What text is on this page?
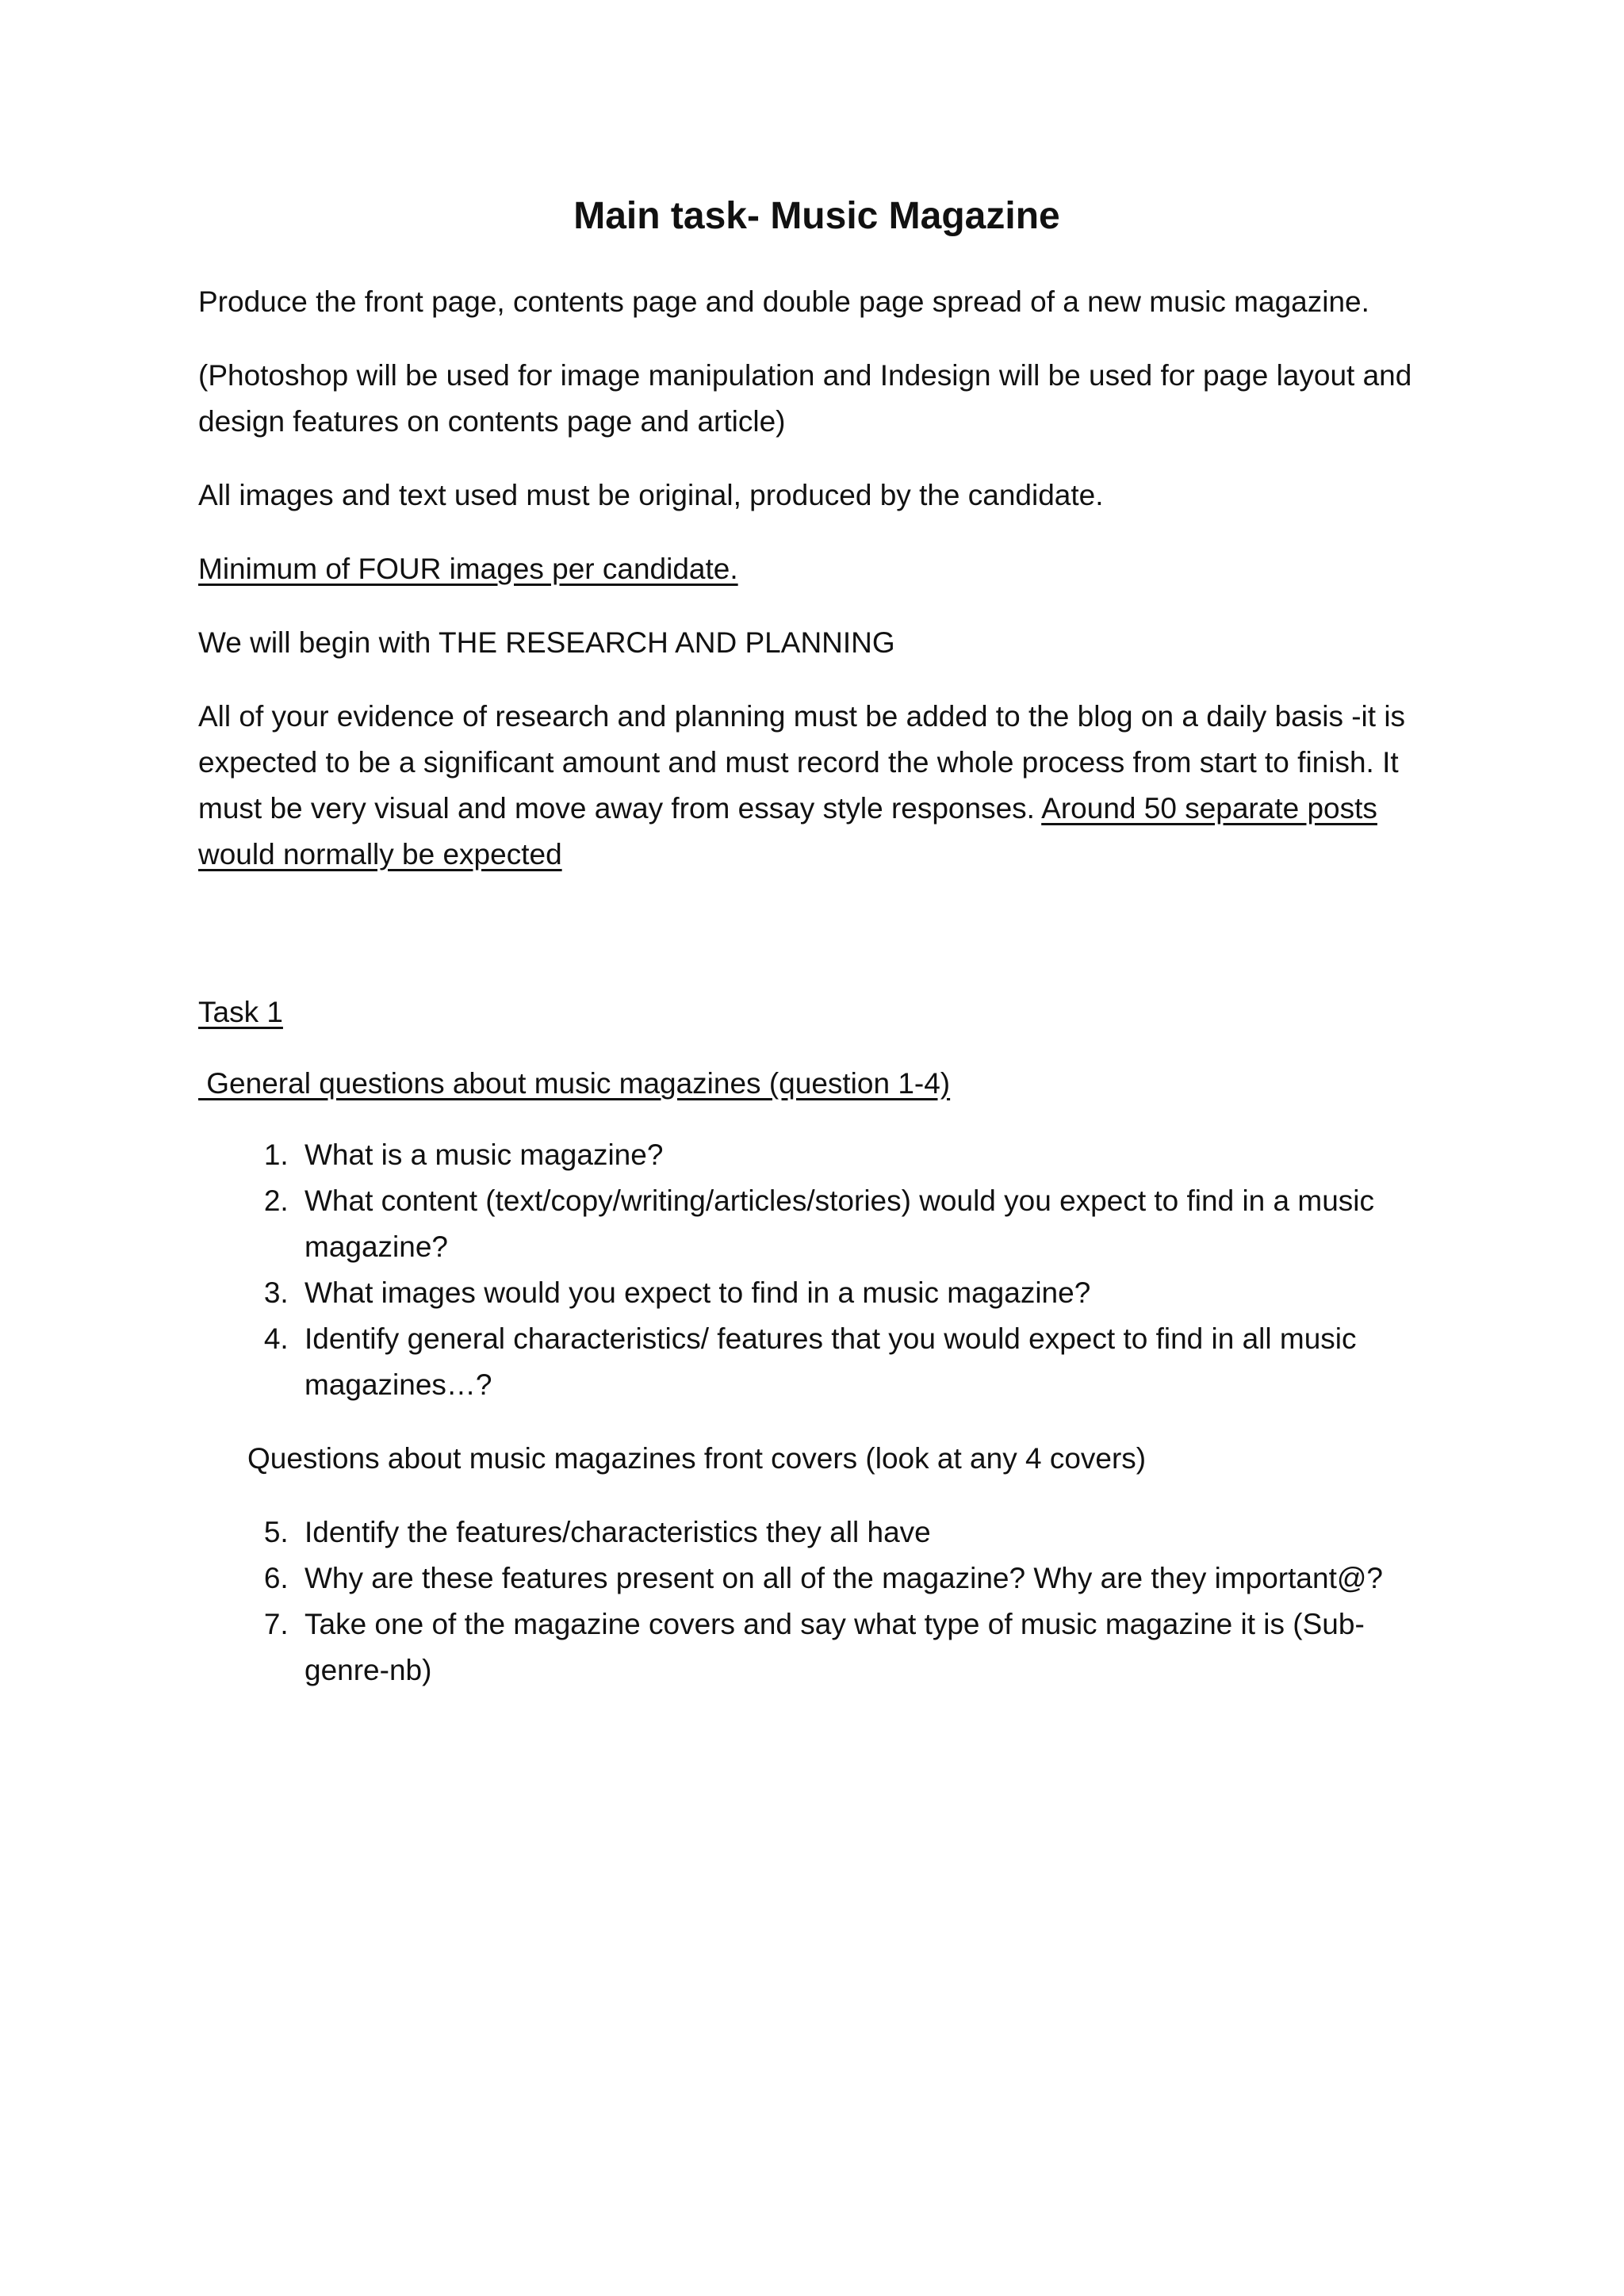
Main task- Music Magazine

Produce the front page, contents page and double page spread of a new music magazine.

(Photoshop will be used for image manipulation and Indesign will be used for page layout and design features on contents page and article)

All images and text used must be original, produced by the candidate.

Minimum of FOUR images per candidate.

We will begin with THE RESEARCH AND PLANNING

All of your evidence of research and planning must be added to the blog on a daily basis -it is expected to be a significant amount and must record the whole process from start to finish. It must be very visual and move away from essay style responses. Around 50 separate posts would normally be expected

Task 1

General questions about music magazines (question 1-4)

1. What is a music magazine?
2. What content (text/copy/writing/articles/stories) would you expect to find in a music magazine?
3. What images would you expect to find in a music magazine?
4. Identify general characteristics/ features that you would expect to find in all music magazines…?

Questions about music magazines front covers (look at any 4 covers)

5. Identify the features/characteristics they all have
6. Why are these features present on all of the magazine? Why are they important@?
7. Take one of the magazine covers and say what type of music magazine it is (Sub-genre-nb)
